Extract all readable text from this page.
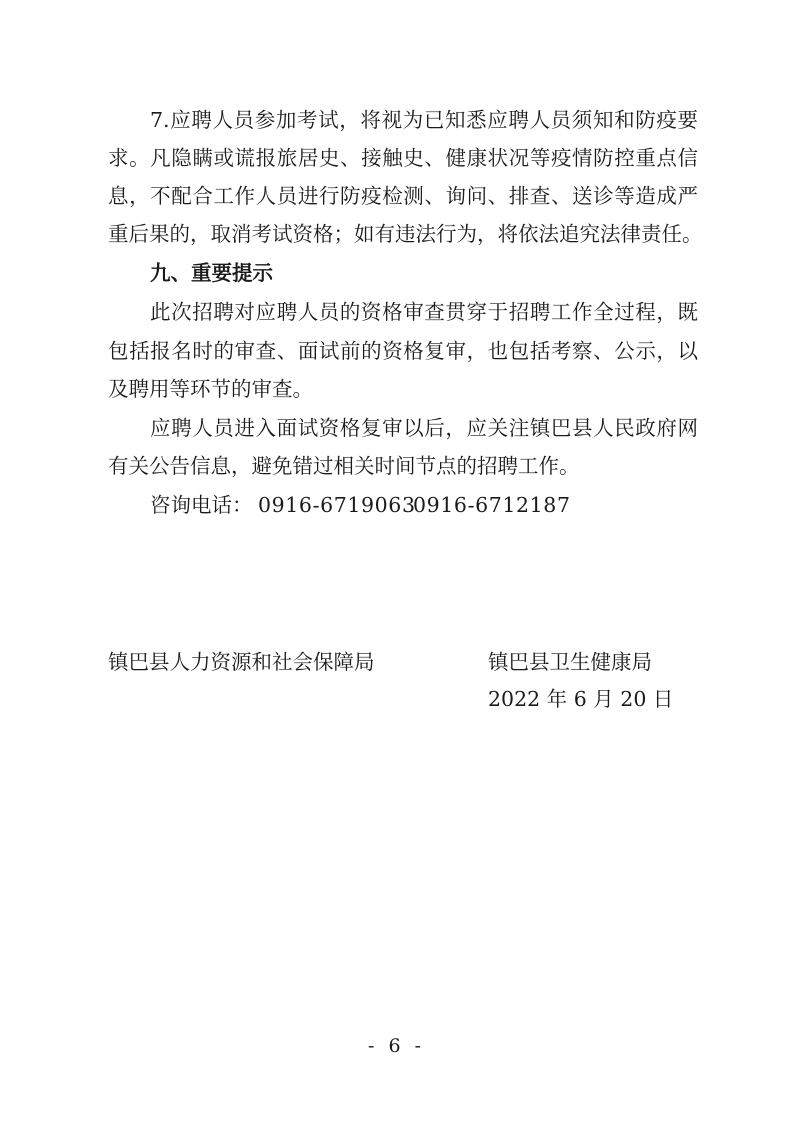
7.应聘人员参加考试，将视为已知悉应聘人员须知和防疫要
求。凡隐瞒或谎报旅居史、接触史、健康状况等疫情防控重点信
息，不配合工作人员进行防疫检测、询问、排查、送诊等造成严
重后果的，取消考试资格；如有违法行为，将依法追究法律责任。
九、重要提示
此次招聘对应聘人员的资格审查贯穿于招聘工作全过程，既
包括报名时的审查、面试前的资格复审，也包括考察、公示，以
及聘用等环节的审查。
应聘人员进入面试资格复审以后，应关注镇巴县人民政府网
有关公告信息，避免错过相关时间节点的招聘工作。
咨询电话： 0916-6719063
0916-6712187
镇巴县人力资源和社会保障局	镇巴县卫生健康局
2022 年 6 月 20 日
- 6 -
